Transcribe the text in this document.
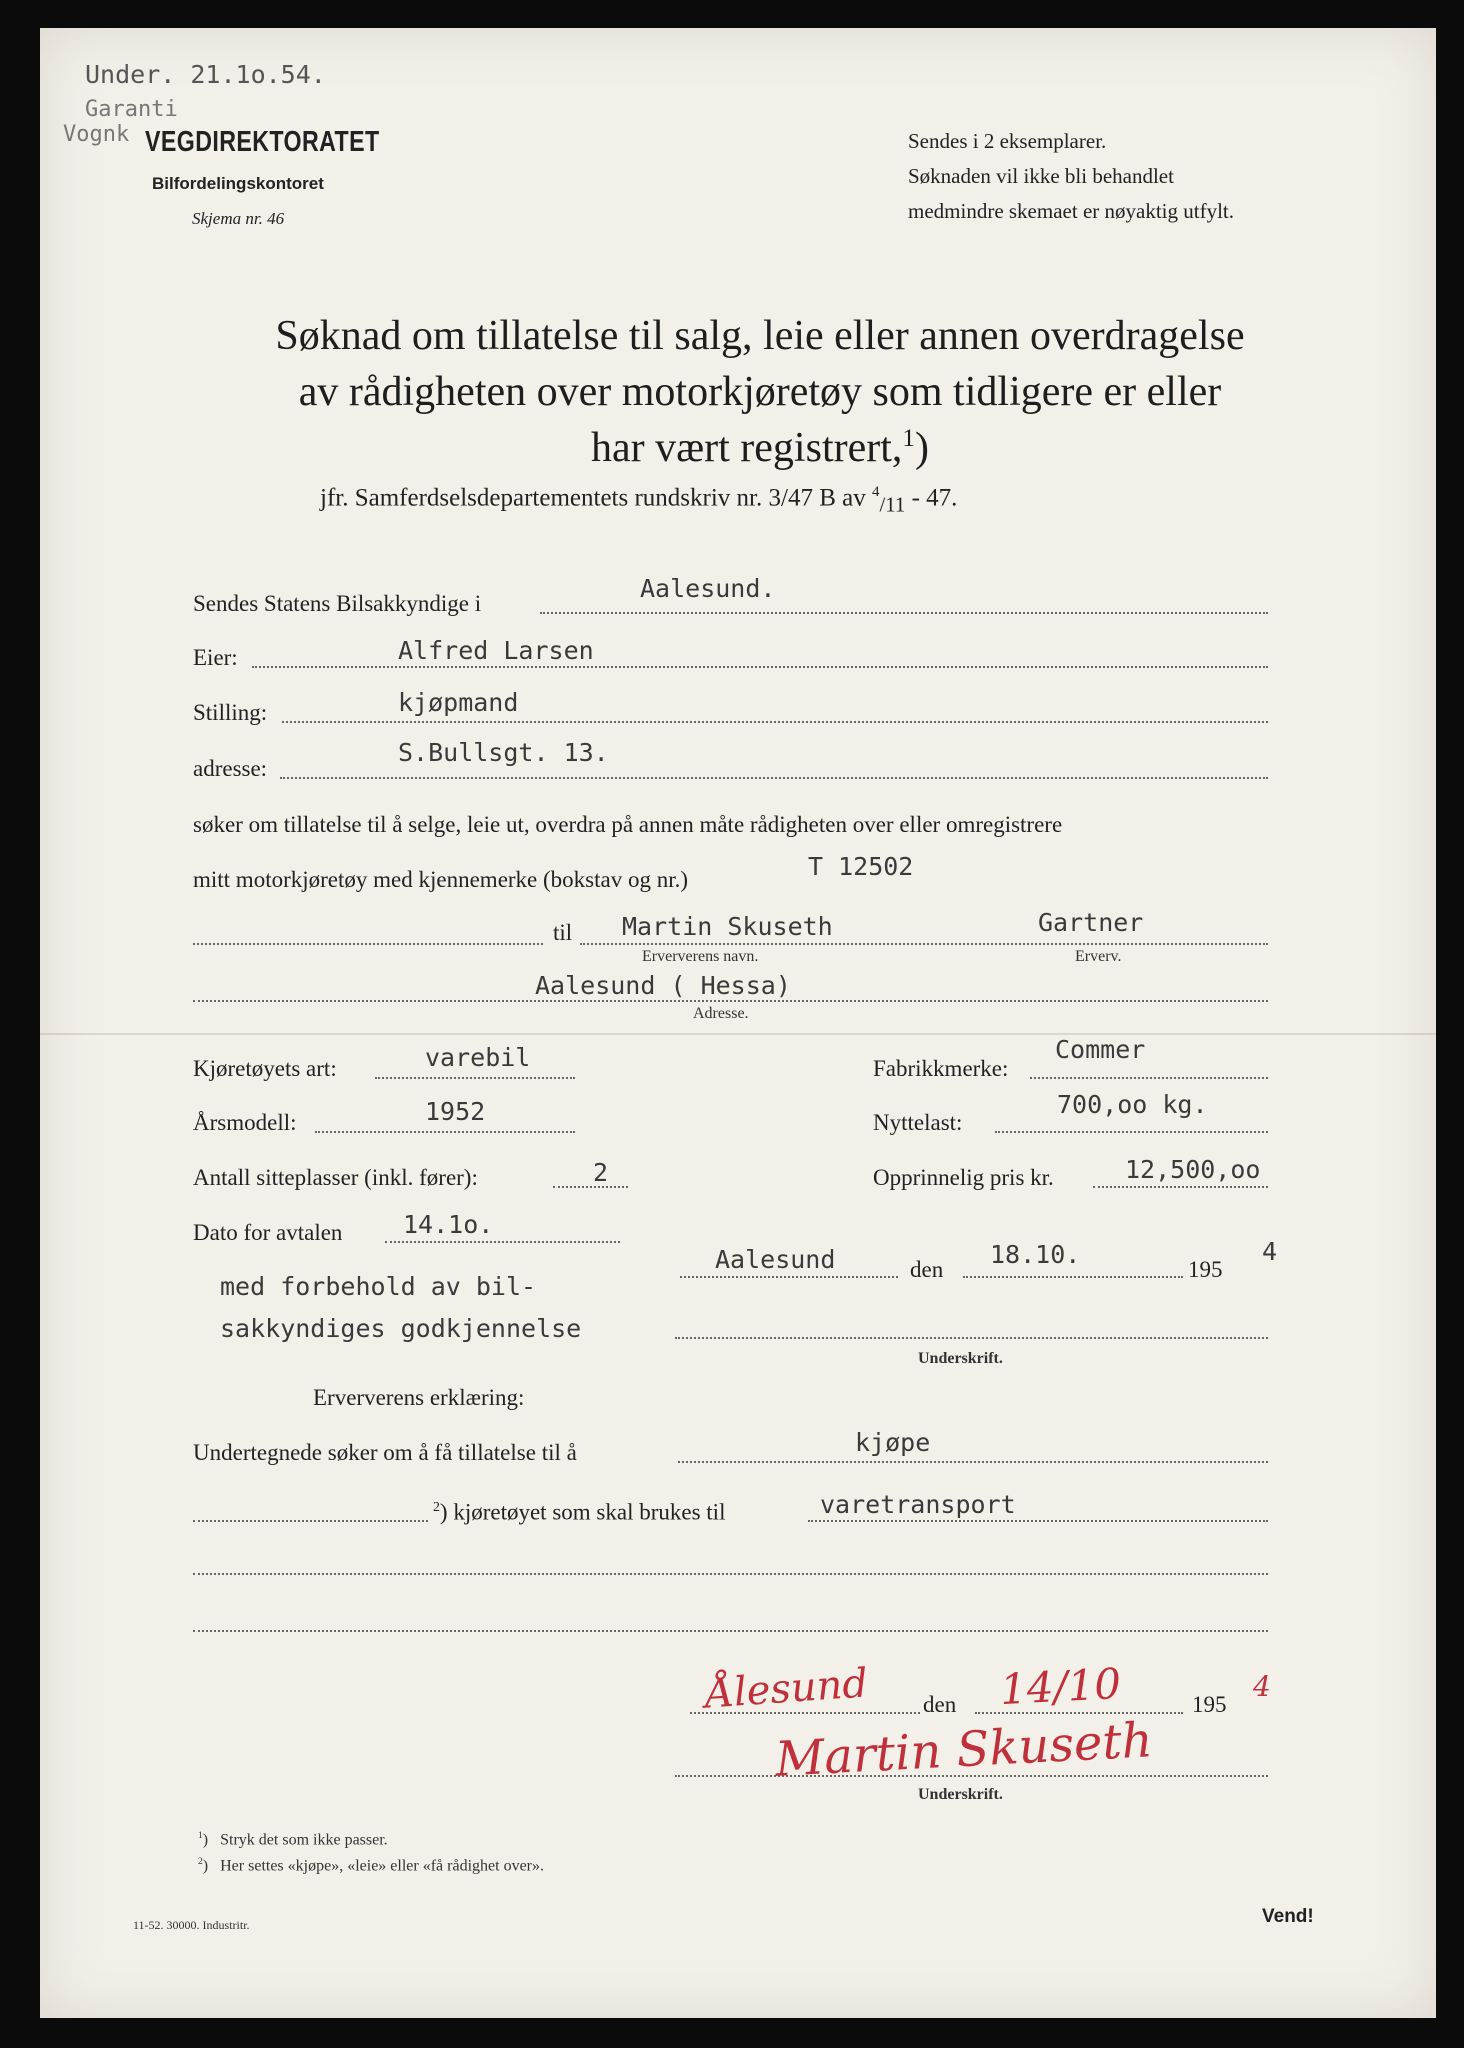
Under. 21.1o.54.
Garanti
Vognk VEGDIREKTORATET
Bilfordelingskontoret
Skjema nr. 46
Sendes i 2 eksemplarer.
Søknaden vil ikke bli behandlet
medmindre skemaet er nøyaktig utfylt.
Søknad om tillatelse til salg, leie eller annen overdragelse
av rådigheten over motorkjøretøy som tidligere er eller
har vært registrert,$^1$)
jfr. Samferdselsdepartementets rundskriv nr. 3/47 B av $^4_{/11}$ - 47.
Sendes Statens Bilsakkyndige i
Aalesund.
Eier:	Alfred Larsen
Stilling:	kjøpmand
adresse:
S.Bullsgt. 13.
søker om tillatelse til å selge, leie ut, overdra på annen måte rådigheten over eller omregistrere
mitt motorkjøretøy med kjennemerke (bokstav og nr.)	T 12502
til Martin Skuseth	Gartner
Erververens navn.	Erverv.
Aalesund ( Hessa)
Adresse.
Kjøretøyets art:	varebil	Fabrikkmerke:
Commer
Årsmodell:	1952	Nyttelast:
700,oo kg.
Antall sitteplasser (inkl. fører):	2	Opprinnelig pris kr.	12,500,oo
Dato for avtalen 14.1o.
Aalesund	den
18.10.
195
4
med forbehold av bil-
sakkyndiges godkjennelse
Underskrift.
Erververens erklæring:
Undertegnede søker om å få tillatelse til å	kjøpe
$^2$) kjøretøyet som skal brukes til	varetransport
Ålesund den 14/10	195
4
Martin Skuseth
Underskrift.
$^1$)   Stryk det som ikke passer.
$^2$)   Her settes «kjøpe», «leie» eller «få rådighet over».
11-52. 30000. Industritr.	Vend!
